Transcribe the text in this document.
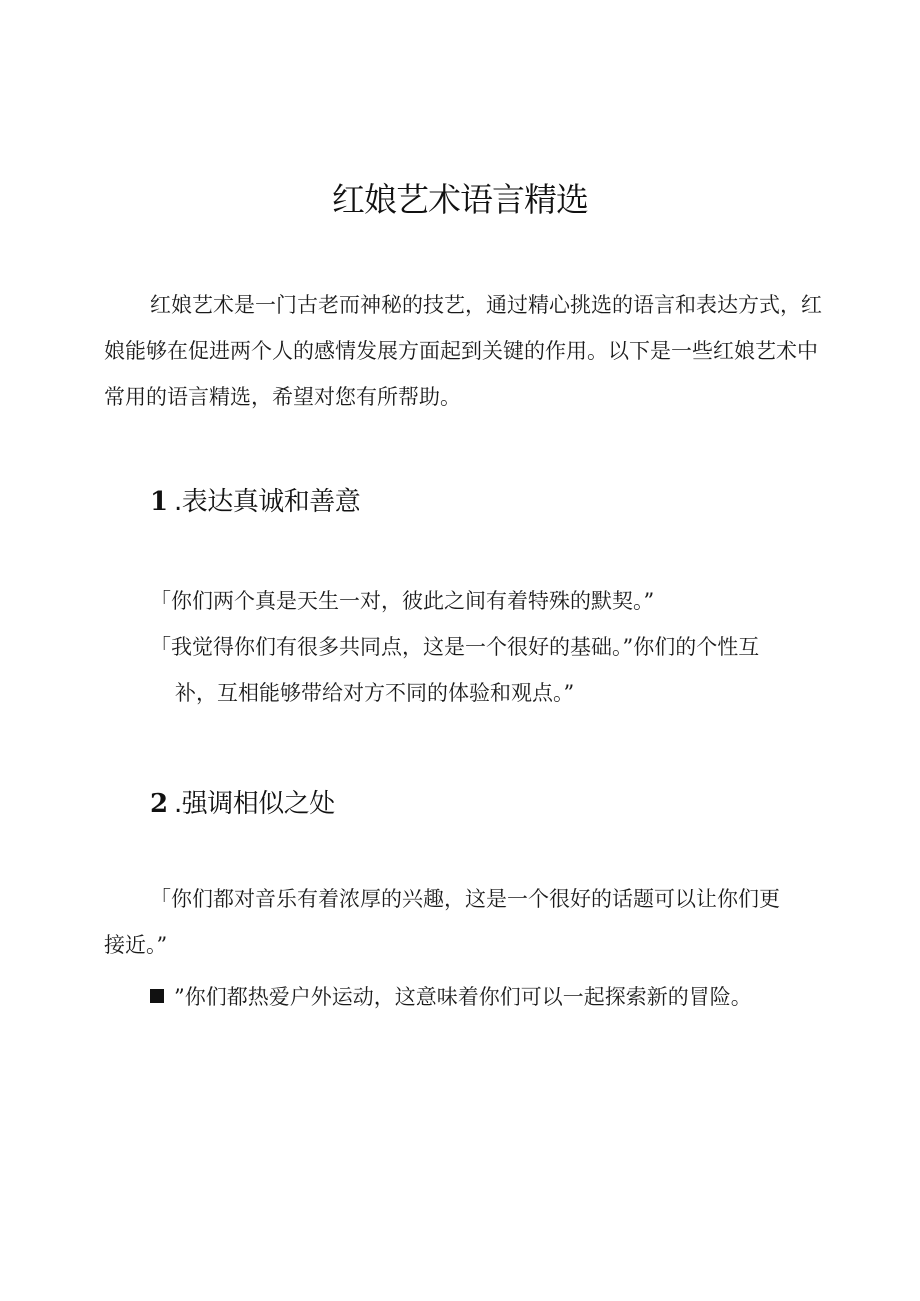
红娘艺术语言精选

红娘艺术是一门古老而神秘的技艺，通过精心挑选的语言和表达方式，红娘能够在促进两个人的感情发展方面起到关键的作用。以下是一些红娘艺术中常用的语言精选，希望对您有所帮助。

1 .表达真诚和善意

「你们两个真是天生一对，彼此之间有着特殊的默契。”

「我觉得你们有很多共同点，这是一个很好的基础。”你们的个性互

补，互相能够带给对方不同的体验和观点。”

2 .强调相似之处

「你们都对音乐有着浓厚的兴趣，这是一个很好的话题可以让你们更

接近。”

”你们都热爱户外运动，这意味着你们可以一起探索新的冒险。
